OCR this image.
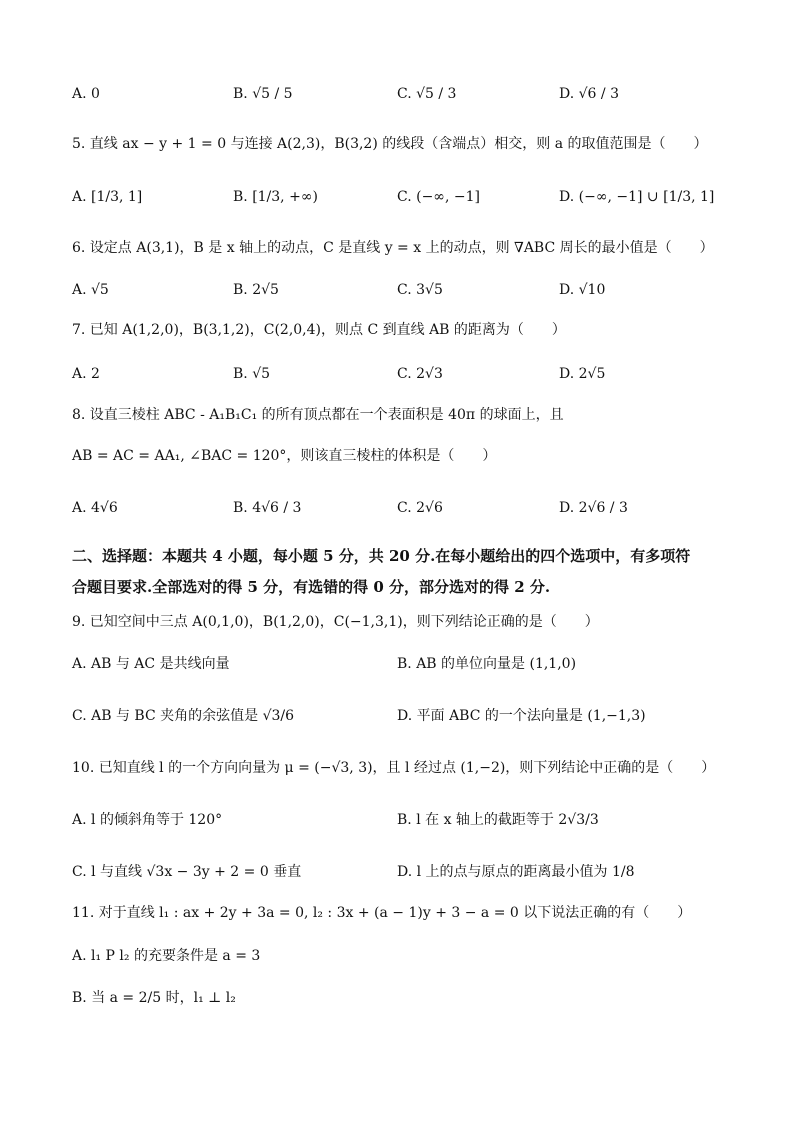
A. 0	B. √5 / 5	C. √5 / 3	D. √6 / 3
5. 直线 ax − y + 1 = 0 与连接 A(2,3)，B(3,2) 的线段（含端点）相交，则 a 的取值范围是（　　）
A. [1/3, 1]	B. [1/3, +∞)	C. (−∞, −1]	D. (−∞, −1] ∪ [1/3, 1]
6. 设定点 A(3,1)，B 是 x 轴上的动点，C 是直线 y = x 上的动点，则 ∇ABC 周长的最小值是（　　）
A. √5	B. 2√5	C. 3√5	D. √10
7. 已知 A(1,2,0)，B(3,1,2)，C(2,0,4)，则点 C 到直线 AB 的距离为（　　）
A. 2	B. √5	C. 2√3	D. 2√5
8. 设直三棱柱 ABC - A₁B₁C₁ 的所有顶点都在一个表面积是 40π 的球面上，且
AB = AC = AA₁, ∠BAC = 120°，则该直三棱柱的体积是（　　）
A. 4√6	B. 4√6 / 3	C. 2√6	D. 2√6 / 3
二、选择题：本题共 4 小题，每小题 5 分，共 20 分.在每小题给出的四个选项中，有多项符
合题目要求.全部选对的得 5 分，有选错的得 0 分，部分选对的得 2 分.
9. 已知空间中三点 A(0,1,0)，B(1,2,0)，C(−1,3,1)，则下列结论正确的是（　　）
A. AB 与 AC 是共线向量	B. AB 的单位向量是 (1,1,0)
C. AB 与 BC 夹角的余弦值是 √3/6	D. 平面 ABC 的一个法向量是 (1,−1,3)
10. 已知直线 l 的一个方向向量为 μ = (−√3, 3)，且 l 经过点 (1,−2)，则下列结论中正确的是（　　）
A. l 的倾斜角等于 120°	B. l 在 x 轴上的截距等于 2√3/3
C. l 与直线 √3x − 3y + 2 = 0 垂直	D. l 上的点与原点的距离最小值为 1/8
11. 对于直线 l₁ : ax + 2y + 3a = 0, l₂ : 3x + (a − 1)y + 3 − a = 0 以下说法正确的有（　　）
A. l₁ P l₂ 的充要条件是 a = 3
B. 当 a = 2/5 时，l₁ ⊥ l₂
